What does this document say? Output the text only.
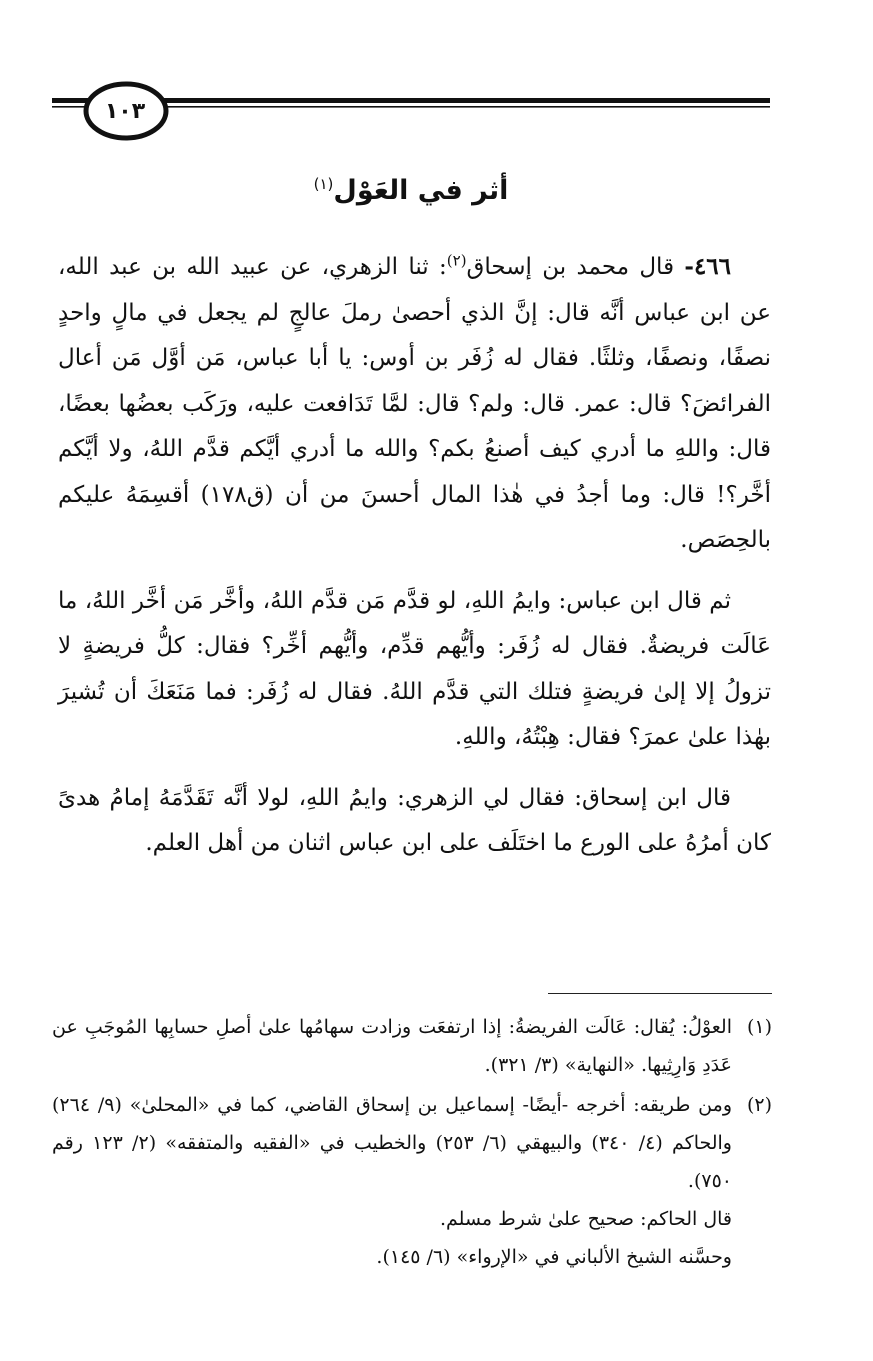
١٠٣
أثر في العَوْل$^{(١)}$

٤٦٦- قال محمد بن إسحاق$^{(٢)}$: ثنا الزهري، عن عبيد الله بن عبد الله، عن ابن عباس أنَّه قال: إنَّ الذي أحصىٰ رملَ عالجٍ لم يجعل في مالٍ واحدٍ نصفًا، ونصفًا، وثلثًا. فقال له زُفَر بن أوس: يا أبا عباس، مَن أوَّل مَن أعال الفرائضَ؟ قال: عمر. قال: ولم؟ قال: لمَّا تَدَافعت عليه، ورَكَب بعضُها بعضًا، قال: واللهِ ما أدري كيف أصنعُ بكم؟ والله ما أدري أيَّكم قدَّم اللهُ، ولا أيَّكم أخَّر؟! قال: وما أجدُ في هٰذا المال أحسنَ من أن (ق١٧٨) أقسِمَهُ عليكم بالحِصَص.

ثم قال ابن عباس: وايمُ اللهِ، لو قدَّم مَن قدَّم اللهُ، وأخَّر مَن أخَّر اللهُ، ما عَالَت فريضةٌ. فقال له زُفَر: وأيُّهم قدِّم، وأيُّهم أخِّر؟ فقال: كلُّ فريضةٍ لا تزولُ إلا إلىٰ فريضةٍ فتلك التي قدَّم اللهُ. فقال له زُفَر: فما مَنَعَكَ أن تُشيرَ بهٰذا علىٰ عمرَ؟ فقال: هِبْتُهُ، واللهِ.

قال ابن إسحاق: فقال لي الزهري: وايمُ اللهِ، لولا أنَّه تَقَدَّمَهُ إمامُ هدىً كان أمرُهُ على الورع ما اختَلَف على ابن عباس اثنان من أهل العلم.

(١)

العوْلُ: يُقال: عَالَت الفريضةُ: إذا ارتفعَت وزادت سهامُها علىٰ أصلِ حسابِها المُوجَبِ عن عَدَدِ وَارِثِيها. «النهاية» (٣/ ٣٢١).

(٢)

ومن طريقه: أخرجه -أيضًا- إسماعيل بن إسحاق القاضي، كما في «المحلىٰ» (٩/ ٢٦٤) والحاكم (٤/ ٣٤٠) والبيهقي (٦/ ٢٥٣) والخطيب في «الفقيه والمتفقه» (٢/ ١٢٣ رقم ٧٥٠).

قال الحاكم: صحيح علىٰ شرط مسلم.

وحسَّنه الشيخ الألباني في «الإرواء» (٦/ ١٤٥).
